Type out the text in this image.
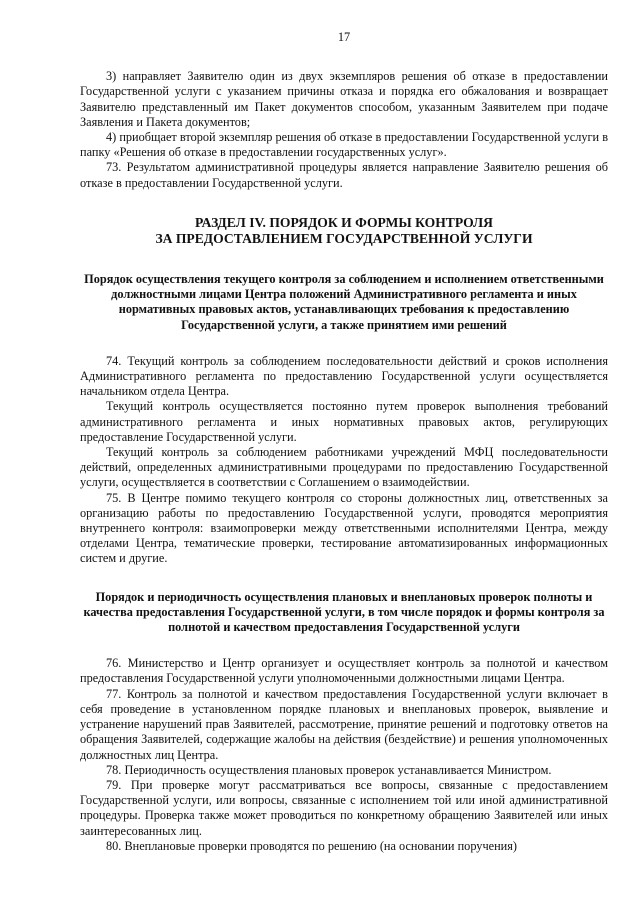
17

3) направляет Заявителю один из двух экземпляров решения об отказе в предоставлении Государственной услуги с указанием причины отказа и порядка его обжалования и возвращает Заявителю представленный им Пакет документов способом, указанным Заявителем при подаче Заявления и Пакета документов;

4) приобщает второй экземпляр решения об отказе в предоставлении Государственной услуги в папку «Решения об отказе в предоставлении государственных услуг».

73. Результатом административной процедуры является направление Заявителю решения об отказе в предоставлении Государственной услуги.

РАЗДЕЛ IV. ПОРЯДОК И ФОРМЫ КОНТРОЛЯ
ЗА ПРЕДОСТАВЛЕНИЕМ ГОСУДАРСТВЕННОЙ УСЛУГИ
Порядок осуществления текущего контроля за соблюдением и исполнением ответственными должностными лицами Центра положений Административного регламента и иных нормативных правовых актов, устанавливающих требования к предоставлению Государственной услуги, а также принятием ими решений

74. Текущий контроль за соблюдением последовательности действий и сроков исполнения Административного регламента по предоставлению Государственной услуги осуществляется начальником отдела Центра.

Текущий контроль осуществляется постоянно путем проверок выполнения требований административного регламента и иных нормативных правовых актов, регулирующих предоставление Государственной услуги.

Текущий контроль за соблюдением работниками учреждений МФЦ последовательности действий, определенных административными процедурами по предоставлению Государственной услуги, осуществляется в соответствии с Соглашением о взаимодействии.

75. В Центре помимо текущего контроля со стороны должностных лиц, ответственных за организацию работы по предоставлению Государственной услуги, проводятся мероприятия внутреннего контроля: взаимопроверки между ответственными исполнителями Центра, между отделами Центра, тематические проверки, тестирование автоматизированных информационных систем и другие.

Порядок и периодичность осуществления плановых и внеплановых проверок полноты и качества предоставления Государственной услуги, в том числе порядок и формы контроля за полнотой и качеством предоставления Государственной услуги

76. Министерство и Центр организует и осуществляет контроль за полнотой и качеством предоставления Государственной услуги уполномоченными должностными лицами Центра.

77. Контроль за полнотой и качеством предоставления Государственной услуги включает в себя проведение в установленном порядке плановых и внеплановых проверок, выявление и устранение нарушений прав Заявителей, рассмотрение, принятие решений и подготовку ответов на обращения Заявителей, содержащие жалобы на действия (бездействие) и решения уполномоченных должностных лиц Центра.

78. Периодичность осуществления плановых проверок устанавливается Министром.

79. При проверке могут рассматриваться все вопросы, связанные с предоставлением Государственной услуги, или вопросы, связанные с исполнением той или иной административной процедуры. Проверка также может проводиться по конкретному обращению Заявителей или иных заинтересованных лиц.

80. Внеплановые проверки проводятся по решению (на основании поручения)
